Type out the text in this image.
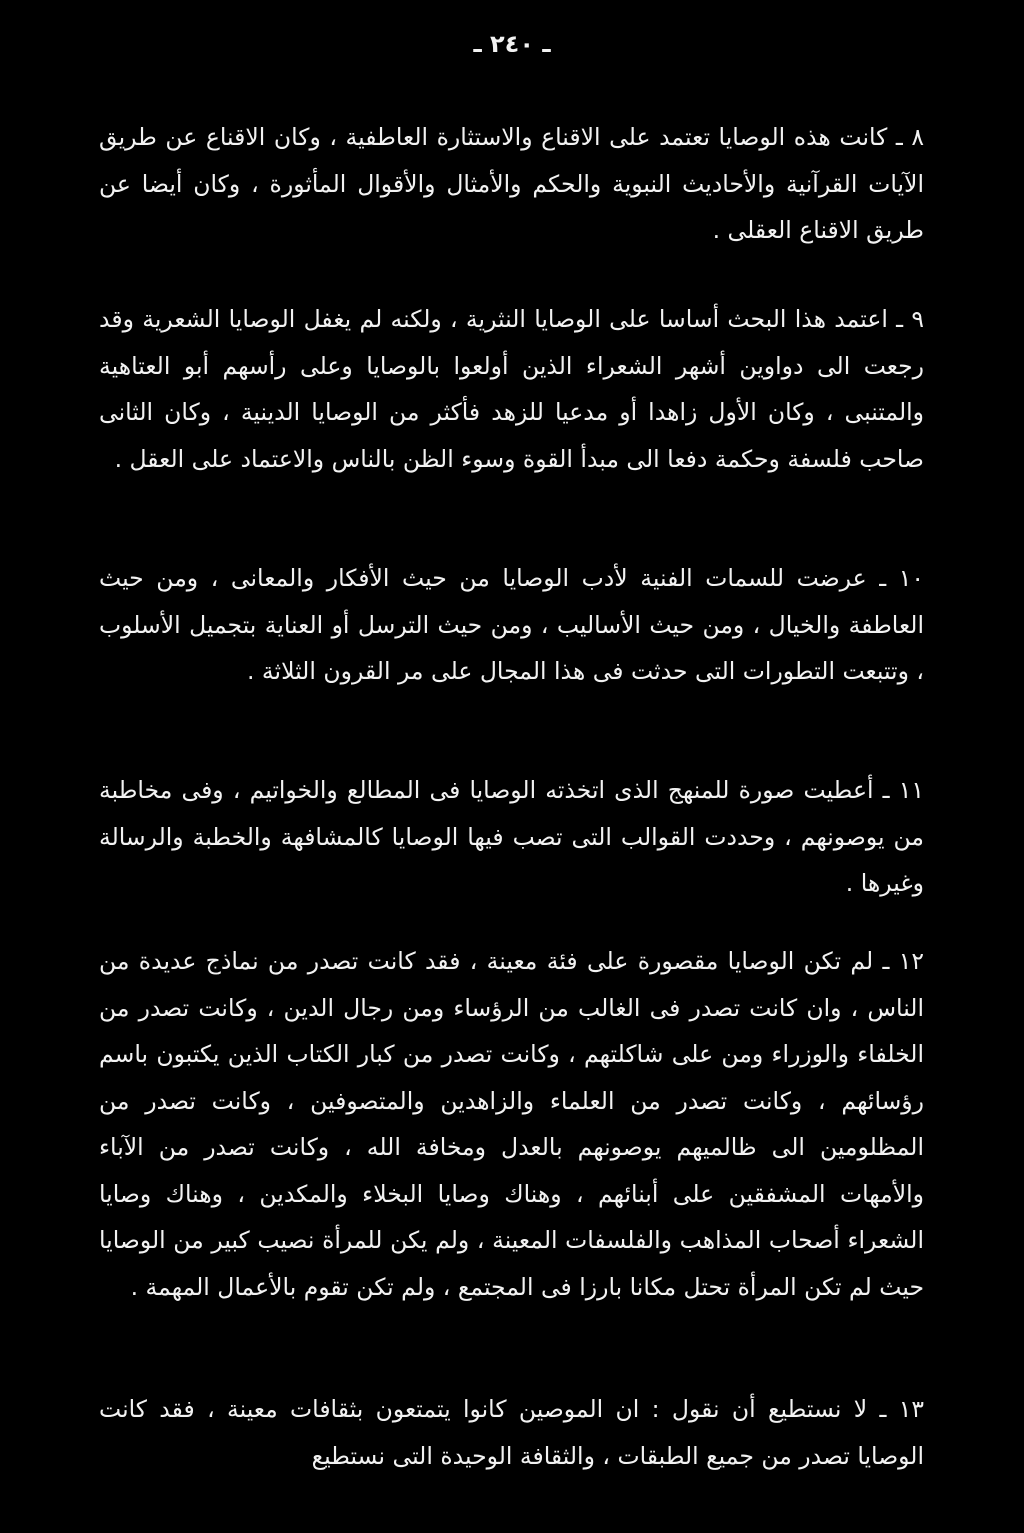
ـ ٢٤٠ ـ

٨ ـ كانت هذه الوصايا تعتمد على الاقناع والاستثارة العاطفية ، وكان الاقناع عن طريق الآيات القرآنية والأحاديث النبوية والحكم والأمثال والأقوال المأثورة ، وكان أيضا عن طريق الاقناع العقلى .

٩ ـ اعتمد هذا البحث أساسا على الوصايا النثرية ، ولكنه لم يغفل الوصايا الشعرية وقد رجعت الى دواوين أشهر الشعراء الذين أولعوا بالوصايا وعلى رأسهم أبو العتاهية والمتنبى ، وكان الأول زاهدا أو مدعيا للزهد فأكثر من الوصايا الدينية ، وكان الثانى صاحب فلسفة وحكمة دفعا الى مبدأ القوة وسوء الظن بالناس والاعتماد على العقل .

١٠ ـ عرضت للسمات الفنية لأدب الوصايا من حيث الأفكار والمعانى ، ومن حيث العاطفة والخيال ، ومن حيث الأساليب ، ومن حيث الترسل أو العناية بتجميل الأسلوب ، وتتبعت التطورات التى حدثت فى هذا المجال على مر القرون الثلاثة .

١١ ـ أعطيت صورة للمنهج الذى اتخذته الوصايا فى المطالع والخواتيم ، وفى مخاطبة من يوصونهم ، وحددت القوالب التى تصب فيها الوصايا كالمشافهة والخطبة والرسالة وغيرها .

١٢ ـ لم تكن الوصايا مقصورة على فئة معينة ، فقد كانت تصدر من نماذج عديدة من الناس ، وان كانت تصدر فى الغالب من الرؤساء ومن رجال الدين ، وكانت تصدر من الخلفاء والوزراء ومن على شاكلتهم ، وكانت تصدر من كبار الكتاب الذين يكتبون باسم رؤسائهم ، وكانت تصدر من العلماء والزاهدين والمتصوفين ، وكانت تصدر من المظلومين الى ظالميهم يوصونهم بالعدل ومخافة الله ، وكانت تصدر من الآباء والأمهات المشفقين على أبنائهم ، وهناك وصايا البخلاء والمكدين ، وهناك وصايا الشعراء أصحاب المذاهب والفلسفات المعينة ، ولم يكن للمرأة نصيب كبير من الوصايا حيث لم تكن المرأة تحتل مكانا بارزا فى المجتمع ، ولم تكن تقوم بالأعمال المهمة .

١٣ ـ لا نستطيع أن نقول : ان الموصين كانوا يتمتعون بثقافات معينة ، فقد كانت الوصايا تصدر من جميع الطبقات ، والثقافة الوحيدة التى نستطيع
